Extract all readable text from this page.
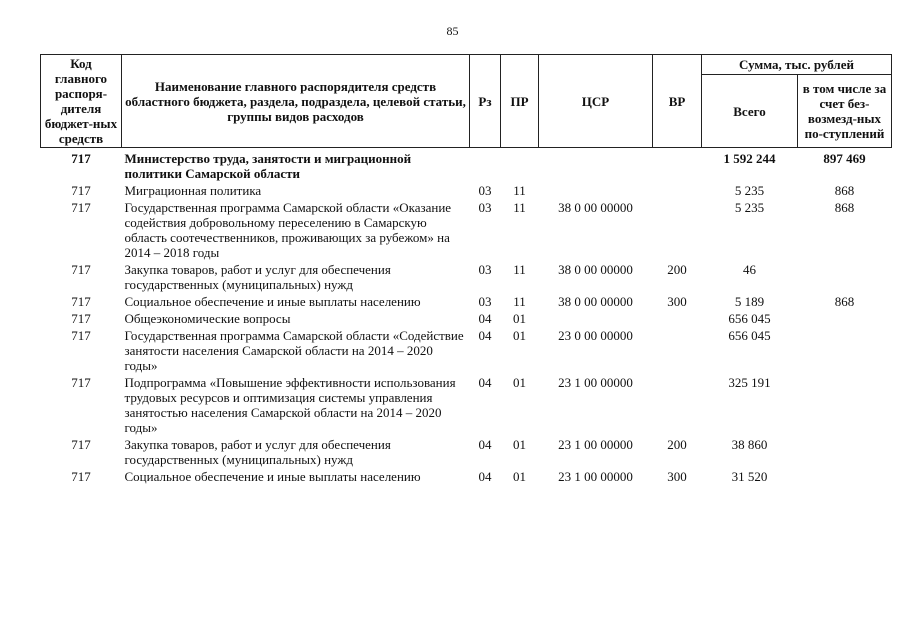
85
Код главного распоря-дителя бюджет-ных средств	Наименование главного распорядителя средств областного бюджета, раздела, подраздела, целевой статьи, группы видов расходов	Рз	ПР	ЦСР	ВР	Сумма, тыс. рублей	
						Всего	в том числе за счет без-возмезд-ных по-ступлений
717	Министерство труда, занятости и миграционной политики Самарской области					1 592 244	897 469
717	Миграционная политика	03	11			5 235	868
717	Государственная программа Самарской области «Оказание содействия добровольному переселению в Самарскую область соотечественников, проживающих за рубежом» на 2014 – 2018 годы	03	11	38 0 00 00000		5 235	868
717	Закупка товаров, работ и услуг для обеспечения государственных (муниципальных) нужд	03	11	38 0 00 00000	200	46	
717	Социальное обеспечение и иные выплаты населению	03	11	38 0 00 00000	300	5 189	868
717	Общеэкономические вопросы	04	01			656 045	
717	Государственная программа Самарской области «Содействие занятости населения Самарской области на 2014 – 2020 годы»	04	01	23 0 00 00000		656 045	
717	Подпрограмма «Повышение эффективности использования трудовых ресурсов и оптимизация системы управления занятостью населения Самарской области на 2014 – 2020 годы»	04	01	23 1 00 00000		325 191	
717	Закупка товаров, работ и услуг для обеспечения государственных (муниципальных) нужд	04	01	23 1 00 00000	200	38 860	
717	Социальное обеспечение и иные выплаты населению	04	01	23 1 00 00000	300	31 520	
